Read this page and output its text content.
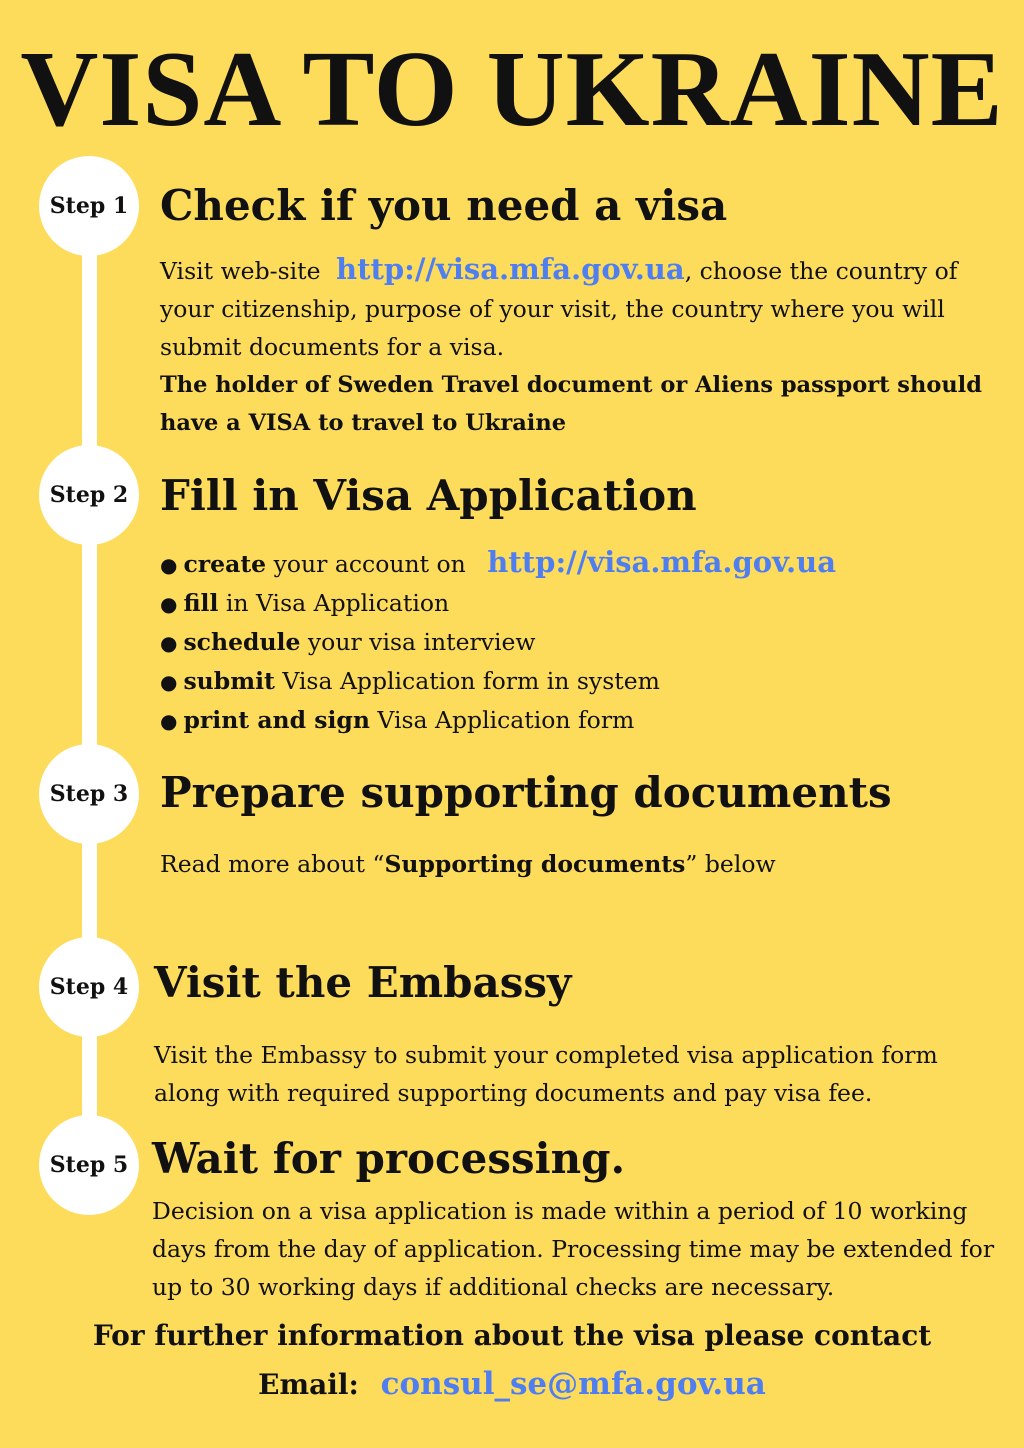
VISA TO UKRAINE
Step 1 Check if you need a visa
Visit web-site http://visa.mfa.gov.ua, choose the country of your citizenship, purpose of your visit, the country where you will submit documents for a visa.
The holder of Sweden Travel document or Aliens passport should have a VISA to travel to Ukraine
Step 2 Fill in Visa Application
● create your account on http://visa.mfa.gov.ua
● fill in Visa Application
● schedule your visa interview
● submit Visa Application form in system
● print and sign Visa Application form
Step 3 Prepare supporting documents
Read more about “Supporting documents” below
Step 4 Visit the Embassy
Visit the Embassy to submit your completed visa application form along with required supporting documents and pay visa fee.
Step 5 Wait for processing.
Decision on a visa application is made within a period of 10 working days from the day of application. Processing time may be extended for up to 30 working days if additional checks are necessary.

For further information about the visa please contact

Email: consul_se@mfa.gov.ua
